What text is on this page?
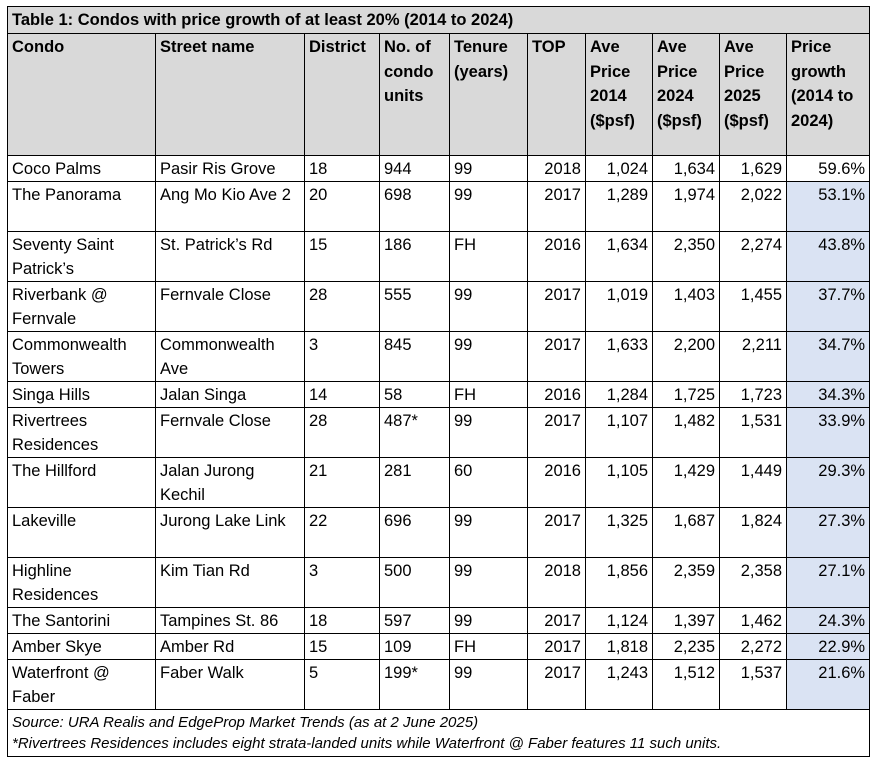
Table 1: Condos with price growth of at least 20% (2014 to 2024)									
Condo	Street name	District	No. of condo units	Tenure (years)	TOP	Ave Price 2014 ($psf)	Ave Price 2024 ($psf)	Ave Price 2025 ($psf)	Price growth (2014 to 2024)
Coco Palms	Pasir Ris Grove	18	944	99	2018	1,024	1,634	1,629	59.6%
The Panorama	Ang Mo Kio Ave 2	20	698	99	2017	1,289	1,974	2,022	53.1%
Seventy Saint Patrick’s	St. Patrick’s Rd	15	186	FH	2016	1,634	2,350	2,274	43.8%
Riverbank @ Fernvale	Fernvale Close	28	555	99	2017	1,019	1,403	1,455	37.7%
Commonwealth Towers	Commonwealth Ave	3	845	99	2017	1,633	2,200	2,211	34.7%
Singa Hills	Jalan Singa	14	58	FH	2016	1,284	1,725	1,723	34.3%
Rivertrees Residences	Fernvale Close	28	487*	99	2017	1,107	1,482	1,531	33.9%
The Hillford	Jalan Jurong Kechil	21	281	60	2016	1,105	1,429	1,449	29.3%
Lakeville	Jurong Lake Link	22	696	99	2017	1,325	1,687	1,824	27.3%
Highline Residences	Kim Tian Rd	3	500	99	2018	1,856	2,359	2,358	27.1%
The Santorini	Tampines St. 86	18	597	99	2017	1,124	1,397	1,462	24.3%
Amber Skye	Amber Rd	15	109	FH	2017	1,818	2,235	2,272	22.9%
Waterfront @ Faber	Faber Walk	5	199*	99	2017	1,243	1,512	1,537	21.6%

Source: URA Realis and EdgeProp Market Trends (as at 2 June 2025)
*Rivertrees Residences includes eight strata-landed units while Waterfront @ Faber features 11 such units.									
